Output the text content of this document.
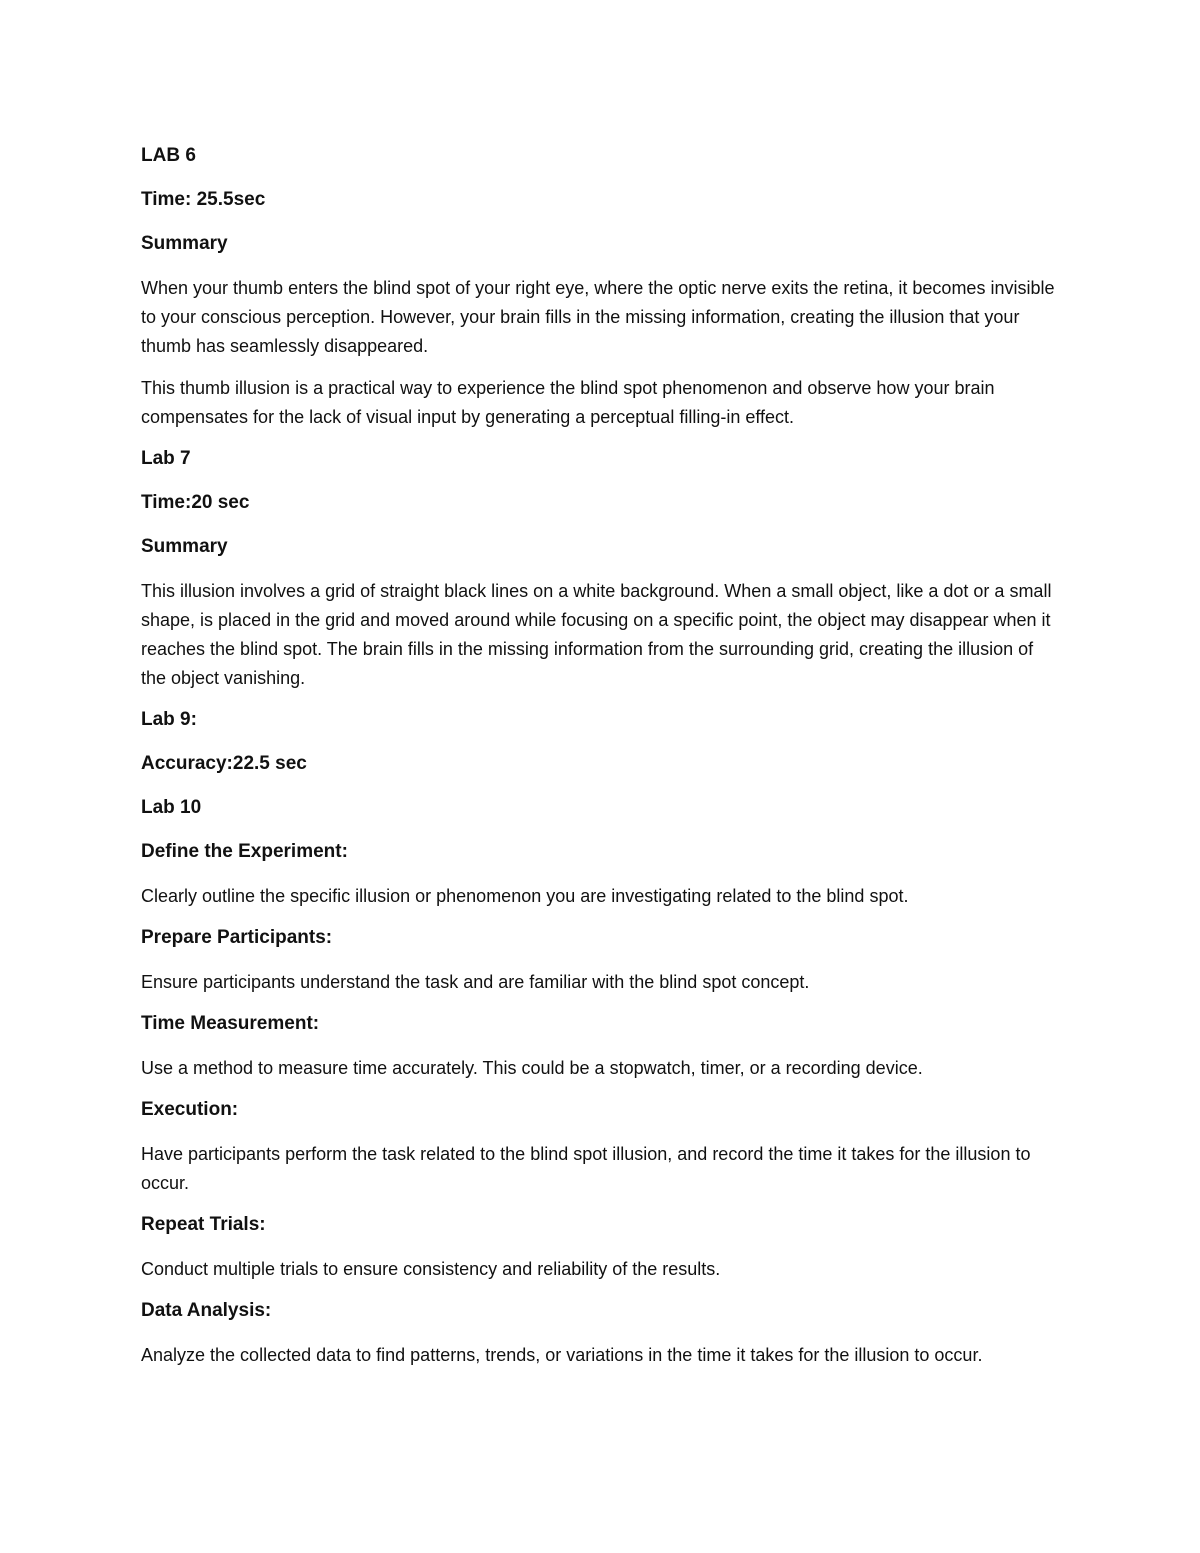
LAB 6
Time: 25.5sec
Summary
When your thumb enters the blind spot of your right eye, where the optic nerve exits the retina, it becomes invisible to your conscious perception. However, your brain fills in the missing information, creating the illusion that your thumb has seamlessly disappeared.
This thumb illusion is a practical way to experience the blind spot phenomenon and observe how your brain compensates for the lack of visual input by generating a perceptual filling-in effect.
Lab 7
Time:20 sec
Summary
This illusion involves a grid of straight black lines on a white background. When a small object, like a dot or a small shape, is placed in the grid and moved around while focusing on a specific point, the object may disappear when it reaches the blind spot. The brain fills in the missing information from the surrounding grid, creating the illusion of the object vanishing.
Lab 9:
Accuracy:22.5 sec
Lab 10
Define the Experiment:
Clearly outline the specific illusion or phenomenon you are investigating related to the blind spot.
Prepare Participants:
Ensure participants understand the task and are familiar with the blind spot concept.
Time Measurement:
Use a method to measure time accurately. This could be a stopwatch, timer, or a recording device.
Execution:
Have participants perform the task related to the blind spot illusion, and record the time it takes for the illusion to occur.
Repeat Trials:
Conduct multiple trials to ensure consistency and reliability of the results.
Data Analysis:
Analyze the collected data to find patterns, trends, or variations in the time it takes for the illusion to occur.
